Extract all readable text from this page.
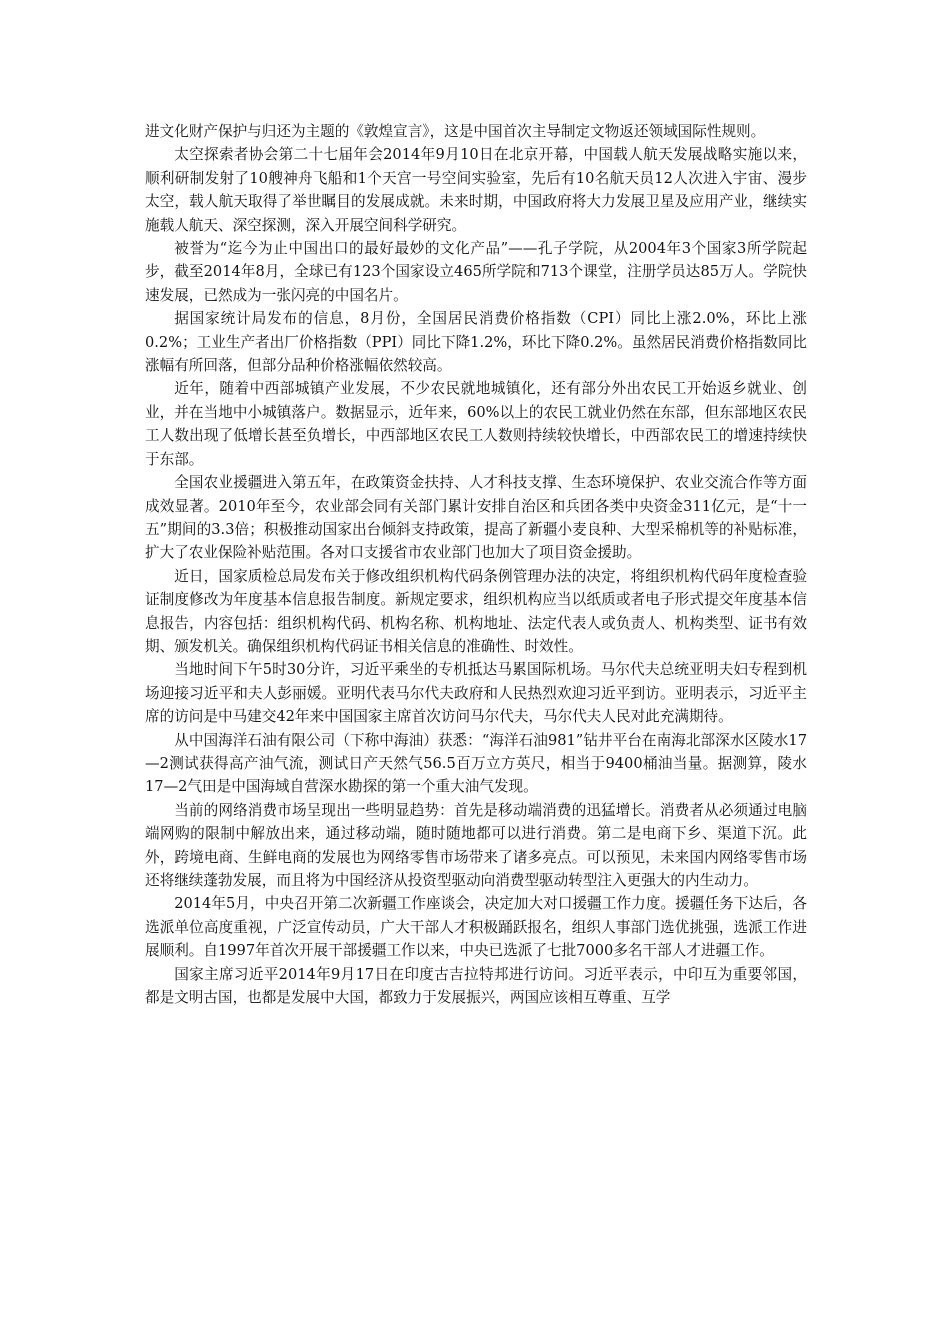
进文化财产保护与归还为主题的《敦煌宣言》，这是中国首次主导制定文物返还领域国际性规则。

太空探索者协会第二十七届年会2014年9月10日在北京开幕，中国载人航天发展战略实施以来，顺利研制发射了10艘神舟飞船和1个天宫一号空间实验室，先后有10名航天员12人次进入宇宙、漫步太空，载人航天取得了举世瞩目的发展成就。未来时期，中国政府将大力发展卫星及应用产业，继续实施载人航天、深空探测，深入开展空间科学研究。

被誉为“迄今为止中国出口的最好最妙的文化产品”——孔子学院，从2004年3个国家3所学院起步，截至2014年8月，全球已有123个国家设立465所学院和713个课堂，注册学员达85万人。学院快速发展，已然成为一张闪亮的中国名片。

据国家统计局发布的信息，8月份，全国居民消费价格指数（CPI）同比上涨2.0%，环比上涨0.2%；工业生产者出厂价格指数（PPI）同比下降1.2%，环比下降0.2%。虽然居民消费价格指数同比涨幅有所回落，但部分品种价格涨幅依然较高。

近年，随着中西部城镇产业发展，不少农民就地城镇化，还有部分外出农民工开始返乡就业、创业，并在当地中小城镇落户。数据显示，近年来，60%以上的农民工就业仍然在东部，但东部地区农民工人数出现了低增长甚至负增长，中西部地区农民工人数则持续较快增长，中西部农民工的增速持续快于东部。

全国农业援疆进入第五年，在政策资金扶持、人才科技支撑、生态环境保护、农业交流合作等方面成效显著。2010年至今，农业部会同有关部门累计安排自治区和兵团各类中央资金311亿元，是“十一五”期间的3.3倍；积极推动国家出台倾斜支持政策，提高了新疆小麦良种、大型采棉机等的补贴标准，扩大了农业保险补贴范围。各对口支援省市农业部门也加大了项目资金援助。

近日，国家质检总局发布关于修改组织机构代码条例管理办法的决定，将组织机构代码年度检查验证制度修改为年度基本信息报告制度。新规定要求，组织机构应当以纸质或者电子形式提交年度基本信息报告，内容包括：组织机构代码、机构名称、机构地址、法定代表人或负责人、机构类型、证书有效期、颁发机关。确保组织机构代码证书相关信息的准确性、时效性。

当地时间下午5时30分许，习近平乘坐的专机抵达马累国际机场。马尔代夫总统亚明夫妇专程到机场迎接习近平和夫人彭丽媛。亚明代表马尔代夫政府和人民热烈欢迎习近平到访。亚明表示，习近平主席的访问是中马建交42年来中国国家主席首次访问马尔代夫，马尔代夫人民对此充满期待。

从中国海洋石油有限公司（下称中海油）获悉：“海洋石油981”钻井平台在南海北部深水区陵水17—2测试获得高产油气流，测试日产天然气56.5百万立方英尺，相当于9400桶油当量。据测算，陵水17—2气田是中国海域自营深水勘探的第一个重大油气发现。

当前的网络消费市场呈现出一些明显趋势：首先是移动端消费的迅猛增长。消费者从必须通过电脑端网购的限制中解放出来，通过移动端，随时随地都可以进行消费。第二是电商下乡、渠道下沉。此外，跨境电商、生鲜电商的发展也为网络零售市场带来了诸多亮点。可以预见，未来国内网络零售市场还将继续蓬勃发展，而且将为中国经济从投资型驱动向消费型驱动转型注入更强大的内生动力。

2014年5月，中央召开第二次新疆工作座谈会，决定加大对口援疆工作力度。援疆任务下达后，各选派单位高度重视，广泛宣传动员，广大干部人才积极踊跃报名，组织人事部门选优挑强，选派工作进展顺利。自1997年首次开展干部援疆工作以来，中央已选派了七批7000多名干部人才进疆工作。

国家主席习近平2014年9月17日在印度古吉拉特邦进行访问。习近平表示，中印互为重要邻国，都是文明古国，也都是发展中大国，都致力于发展振兴，两国应该相互尊重、互学
